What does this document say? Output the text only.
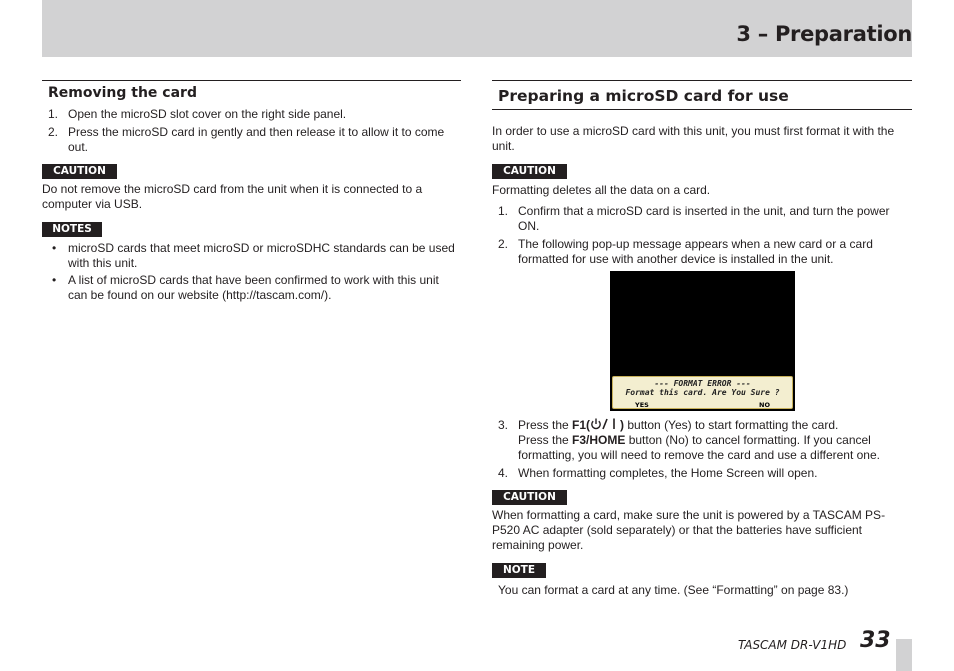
3 – Preparation
Removing the card
1. Open the microSD slot cover on the right side panel.
2. Press the microSD card in gently and then release it to allow it to come out.
CAUTION

Do not remove the microSD card from the unit when it is connected to a computer via USB.

NOTES
• microSD cards that meet microSD or microSDHC standards can be used with this unit.
• A list of microSD cards that have been confirmed to work with this unit can be found on our website (http://tascam.com/).
Preparing a microSD card for use

In order to use a microSD card with this unit, you must first format it with the unit.

CAUTION

Formatting deletes all the data on a card.

1. Confirm that a microSD card is inserted in the unit, and turn the power ON.
2. The following pop-up message appears when a new card or a card formatted for use with another device is installed in the unit.
--- FORMAT ERROR ---
Format this card. Are You Sure ?
YES	NO
3. Press the F1(	) button (Yes) to start formatting the card.
Press the F3/HOME button (No) to cancel formatting. If you cancel formatting, you will need to remove the card and use a different one.
4. When formatting completes, the Home Screen will open.
CAUTION

When formatting a card, make sure the unit is powered by a TASCAM PS-P520 AC adapter (sold separately) or that the batteries have sufficient remaining power.

NOTE

You can format a card at any time. (See “Formatting” on page 83.)

TASCAM DR-V1HD 33
